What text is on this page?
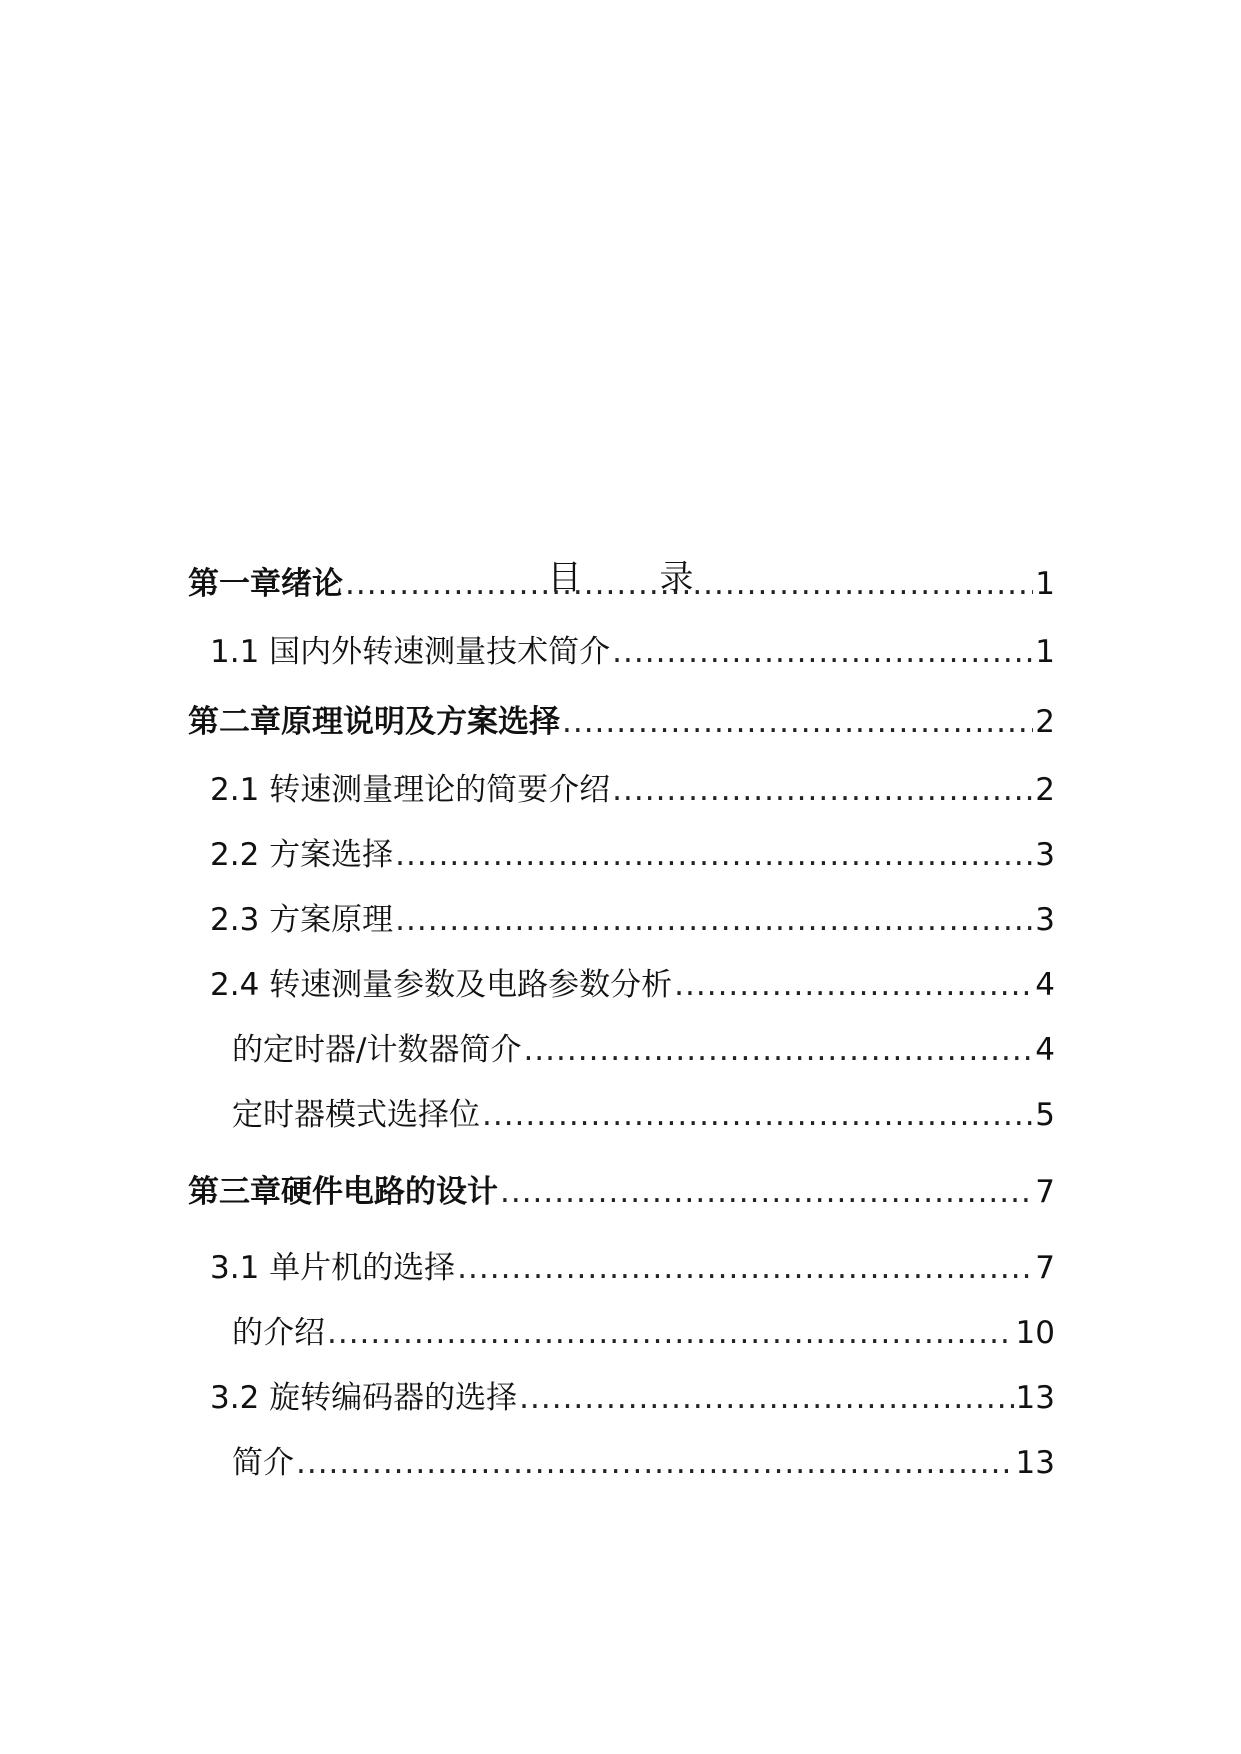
目 录
第一章 绪论 .....	1
1.1 国内外转速测量技术简介 .....	1
第二章 原理说明及方案选择 .....	2
2.1 转速测量理论的简要介绍 .....	2
2.2 方案选择 .....	3
2.3 方案原理 .....	3
2.4 转速测量参数及电路参数分析 .....	4
的定时器/计数器简介 .....	4
定时器模式选择位 .....	5
第三章 硬件电路的设计 .....	7
3.1 单片机的选择 .....	7
的介绍 .....	10
3.2 旋转编码器的选择 .....	13
简介 .....	13
